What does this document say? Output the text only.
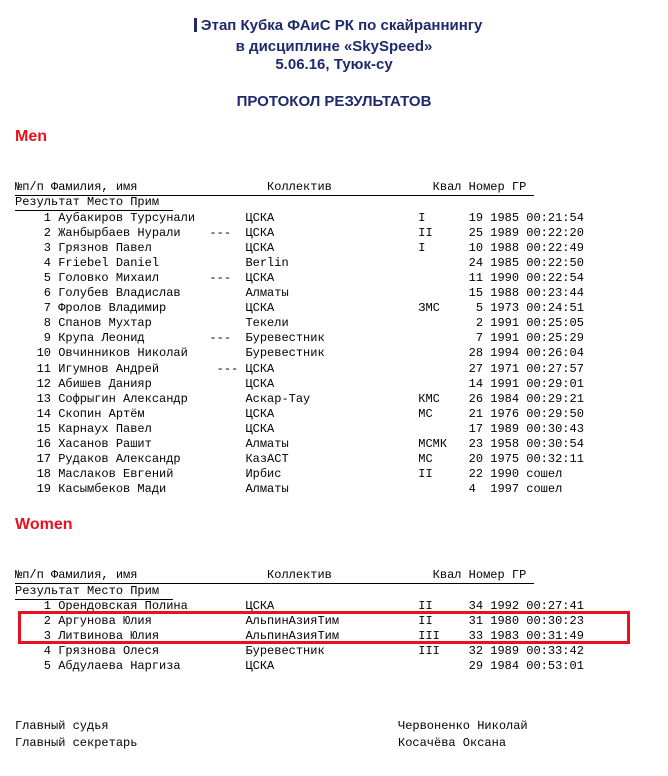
Этап Кубка ФАиС РК по скайраннингу

в дисциплине «SkySpeed»
5.06.16, Туюк-су
ПРОТОКОЛ РЕЗУЛЬТАТОВ
Men
№п/п Фамилия, имя                  Коллектив              Квал Номер ГР
Результат Место Прим
1 Аубакиров Турсунали       ЦСКА                    I      19 1985 00:21:54
2 Жанбырбаев Нурали    ---  ЦСКА                    II     25 1989 00:22:20
3 Грязнов Павел             ЦСКА                    I      10 1988 00:22:49
4 Friebel Daniel            Berlin                         24 1985 00:22:50
5 Головко Михаил       ---  ЦСКА                           11 1990 00:22:54
6 Голубев Владислав         Алматы                         15 1988 00:23:44
7 Фролов Владимир           ЦСКА                    ЗМС     5 1973 00:24:51
8 Спанов Мухтар             Текели                          2 1991 00:25:05
9 Крупа Леонид         ---  Буревестник                     7 1991 00:25:29
10 Овчинников Николай        Буревестник                    28 1994 00:26:04
11 Игумнов Андрей        --- ЦСКА                           27 1971 00:27:57
12 Абишев Данияр             ЦСКА                           14 1991 00:29:01
13 Софрыгин Александр        Аскар-Тау               КМС    26 1984 00:29:21
14 Скопин Артём              ЦСКА                    МС     21 1976 00:29:50
15 Карнаух Павел             ЦСКА                           17 1989 00:30:43
16 Хасанов Рашит             Алматы                  МСМК   23 1958 00:30:54
17 Рудаков Александр         КазАСТ                  МС     20 1975 00:32:11
18 Маслаков Евгений          Ирбис                   II     22 1990 сошел
19 Касымбеков Мади           Алматы                         4  1997 сошел
Women
№п/п Фамилия, имя                  Коллектив              Квал Номер ГР
Результат Место Прим
1 Орендовская Полина        ЦСКА                    II     34 1992 00:27:41
2 Аргунова Юлия             АльпинАзияТим           II     31 1980 00:30:23
3 Литвинова Юлия            АльпинАзияТим           III    33 1983 00:31:49
4 Грязнова Олеся            Буревестник             III    32 1989 00:33:42
5 Абдулаева Наргиза         ЦСКА                           29 1984 00:53:01
Главный судья	Червоненко Николай
Главный секретарь	Косачёва Оксана
